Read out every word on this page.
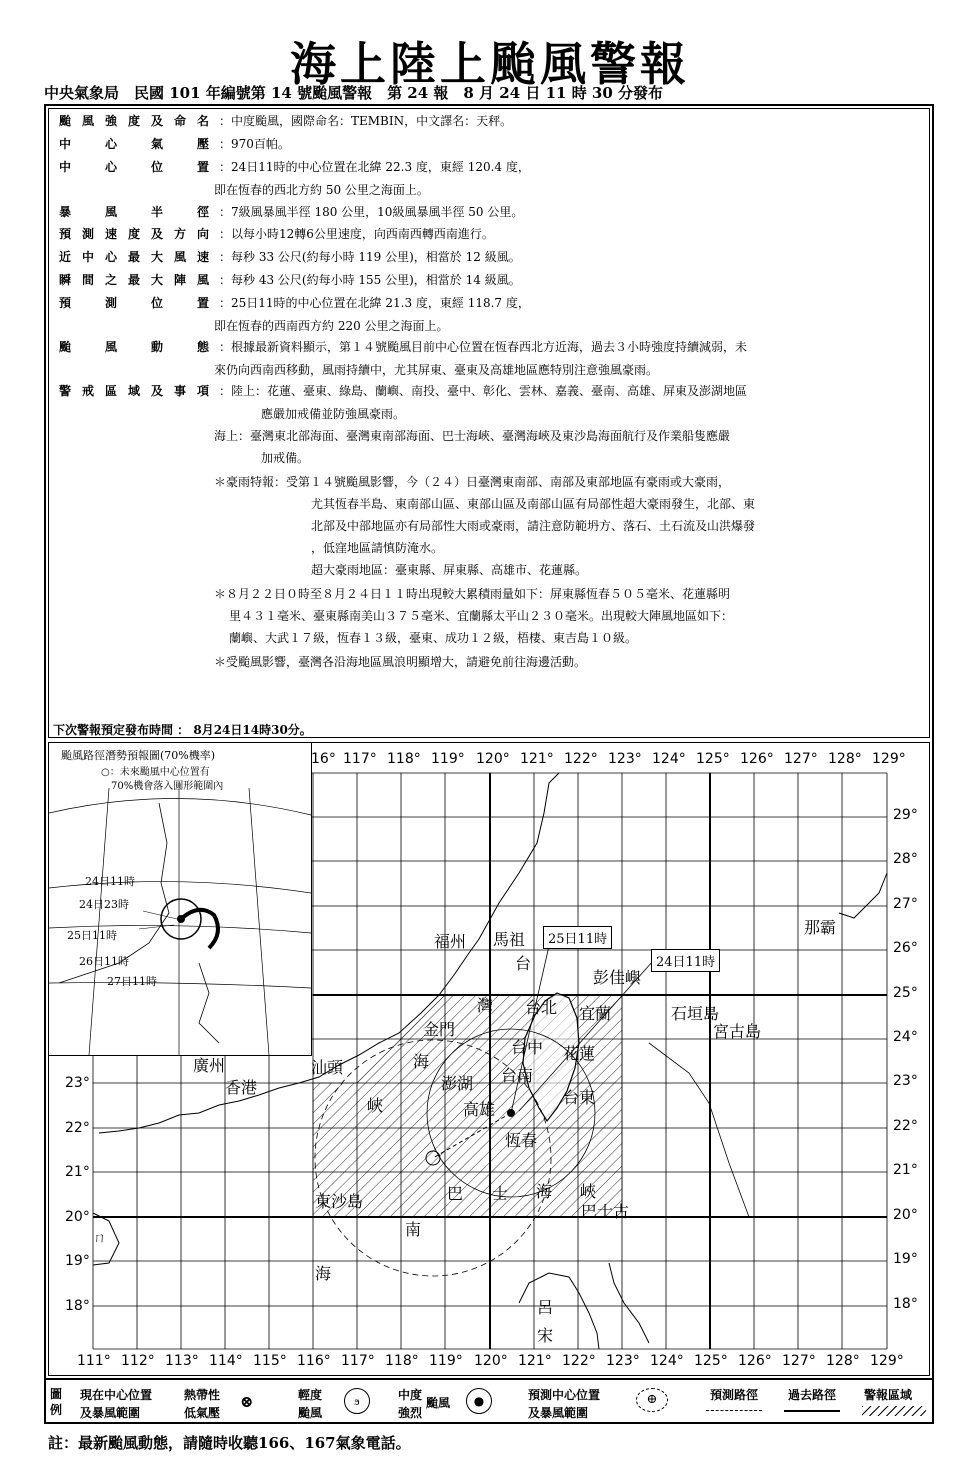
海上陸上颱風警報
中央氣象局　民國 101 年編號第 14 號颱風警報　第 24 報　8 月 24 日 11 時 30 分發布
颱風強度及命名 ：中度颱風，國際命名：TEMBIN，中文譯名：天秤。
中心氣壓 ：970百帕。
中心位置 ：24日11時的中心位置在北緯 22.3 度，東經 120.4 度，
即在恆春的西北方約 50 公里之海面上。
暴風半徑 ：7級風暴風半徑 180 公里，10級風暴風半徑 50 公里。
預測速度及方向 ：以每小時12轉6公里速度，向西南西轉西南進行。
近中心最大風速 ：每秒 33 公尺(約每小時 119 公里)，相當於 12 級風。
瞬間之最大陣風 ：每秒 43 公尺(約每小時 155 公里)，相當於 14 級風。
預測位置 ：25日11時的中心位置在北緯 21.3 度，東經 118.7 度，
即在恆春的西南西方約 220 公里之海面上。
颱風動態 ：根據最新資料顯示，第１４號颱風目前中心位置在恆春西北方近海，過去３小時強度持續減弱，未
來仍向西南西移動，風雨持續中，尤其屏東、臺東及高雄地區應特別注意強風豪雨。
警戒區域及事項 ：陸上：花蓮、臺東、綠島、蘭嶼、南投、臺中、彰化、雲林、嘉義、臺南、高雄、屏東及澎湖地區
應嚴加戒備並防強風豪雨。
海上：臺灣東北部海面、臺灣東南部海面、巴士海峽、臺灣海峽及東沙島海面航行及作業船隻應嚴
加戒備。
＊豪雨特報：受第１４號颱風影響，今（２４）日臺灣東南部、南部及東部地區有豪雨或大豪雨，
尤其恆春半島、東南部山區、東部山區及南部山區有局部性超大豪雨發生，北部、東
北部及中部地區亦有局部性大雨或豪雨，請注意防範坍方、落石、土石流及山洪爆發
，低窪地區請慎防淹水。
超大豪雨地區：臺東縣、屏東縣、高雄市、花蓮縣。
＊８月２２日０時至８月２４日１１時出現較大累積雨量如下：屏東縣恆春５０５毫米、花蓮縣明
里４３１毫米、臺東縣南美山３７５毫米、宜蘭縣太平山２３０毫米。出現較大陣風地區如下：
蘭嶼、大武１７級，恆春１３級，臺東、成功１２級，梧棲、東吉島１０級。
＊受颱風影響，臺灣各沿海地區風浪明顯增大，請避免前往海邊活動。
下次警報預定發布時間 ： 8月24日14時30分。
颱風路徑潛勢預報圖(70%機率)
○：未來颱風中心位置有
70%機會落入圓形範圍內
24日11時
24日23時
25日11時
26日11時
27日11時
16° 117° 118° 119° 120° 121° 122° 123° 124° 125° 126° 127° 128° 129°
111° 112° 113° 114° 115° 116° 117° 118° 119° 120° 121° 122° 123° 124° 125° 126° 127° 128° 129°
29°
28°
27°
26°
25°
24°
23°
22°
21°
20°
19°
18°
23°
22°
21°
20°
19°
18°
福州 馬祖
彭佳嶼
那霸
台
灣 台北 宜蘭
金門
台中 花蓮
汕頭	海
澎湖 台南
高雄
台東
峽
恆春
廣州
香港
東沙島	巴 士 海 峽
巴士古
南
海
呂
宋
石垣島
宮古島
ㄇ
25日11時
24日11時
圖例
現在中心位置
及暴風範圍
熱帶性
低氣壓
⊗	輕度
颱風
ϧ	中度
強烈
颱風	●	預測中心位置
及暴風範圍
⊕	預測路徑 過去路徑 警報區域
註：最新颱風動態，請隨時收聽166、167氣象電話。
